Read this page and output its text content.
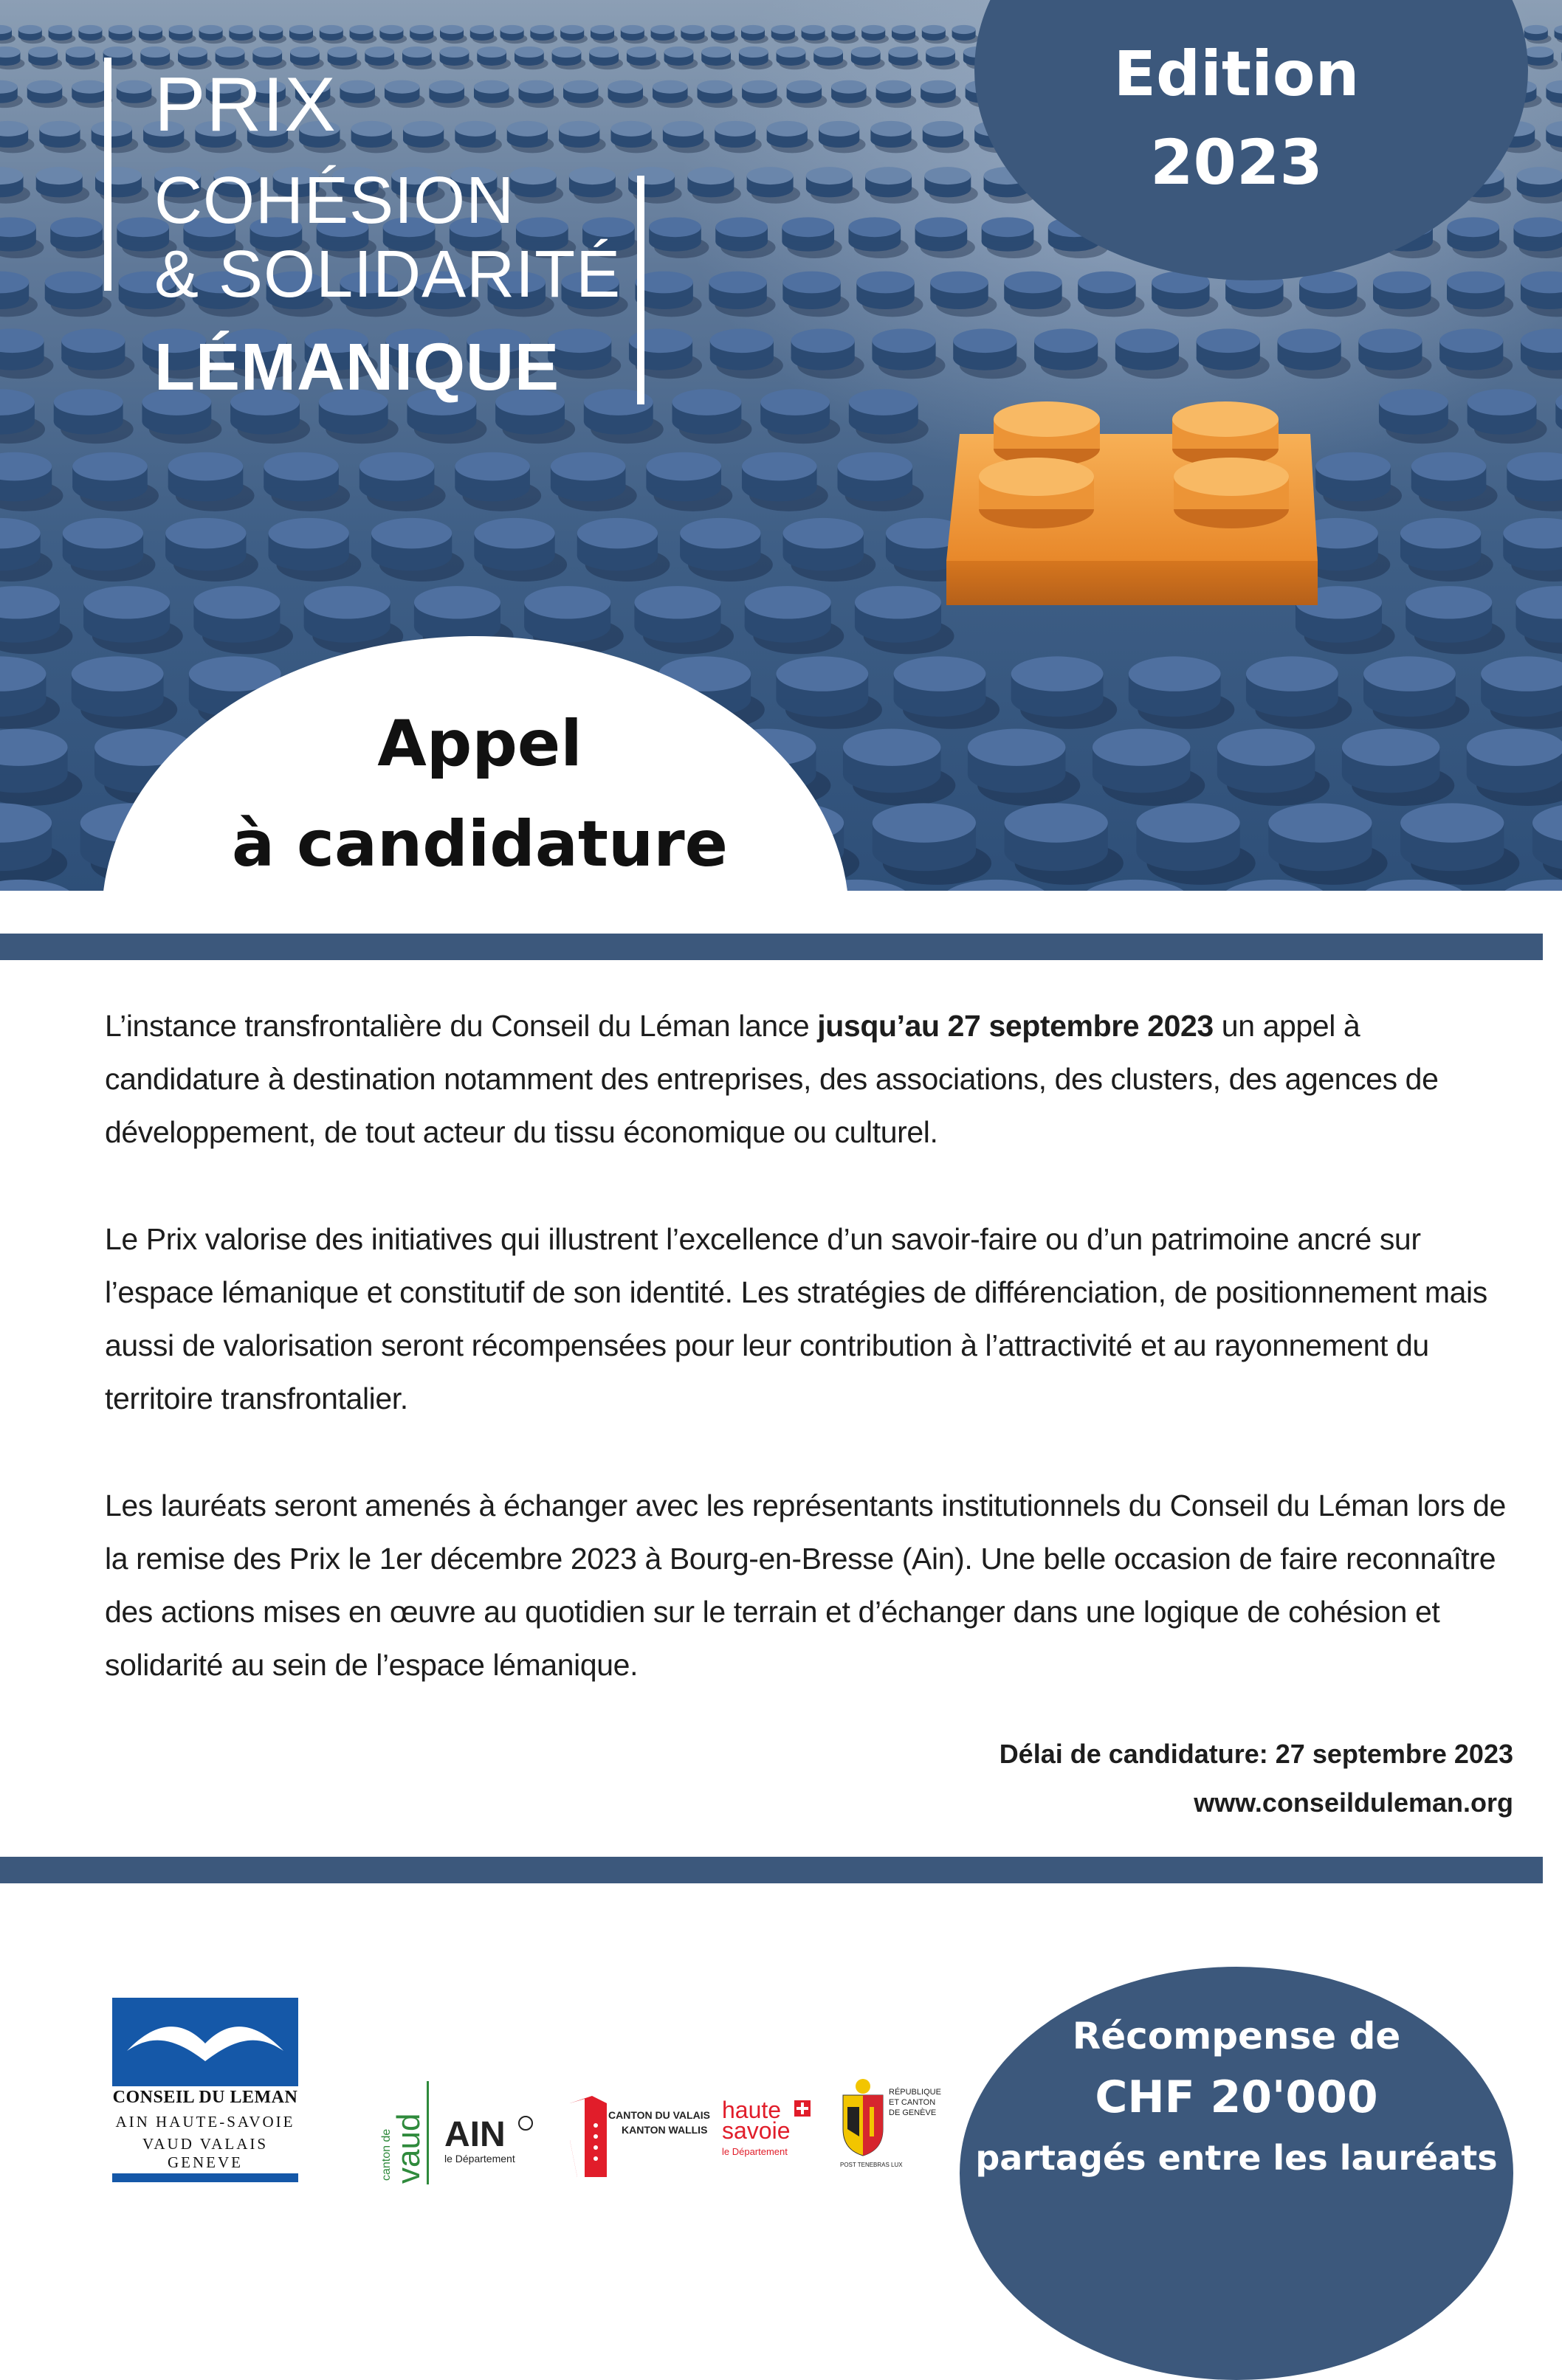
PRIX
COHÉSION
& SOLIDARITÉ
LÉMANIQUE
Edition
2023
Appel
à candidature
L’instance transfrontalière du Conseil du Léman lance jusqu’au 27 septembre 2023 un appel à candidature à destination notamment des entreprises, des associations, des clusters, des agences de développement, de tout acteur du tissu économique ou culturel.
Le Prix valorise des initiatives qui illustrent l’excellence d’un savoir-faire ou d’un patrimoine ancré sur l’espace lémanique et constitutif de son identité. Les stratégies de différenciation, de positionnement mais aussi de valorisation seront récompensées pour leur contribution à l’attractivité et au rayonnement du territoire transfrontalier.
Les lauréats seront amenés à échanger avec les représentants institutionnels du Conseil du Léman lors de la remise des Prix le 1er décembre 2023 à Bourg-en-Bresse (Ain). Une belle occasion de faire reconnaître des actions mises en œuvre au quotidien sur le terrain et d’échanger dans une logique de cohésion et solidarité au sein de l’espace lémanique.
Délai de candidature: 27 septembre 2023
www.conseilduleman.org
CONSEIL DU LEMAN
AIN HAUTE-SAVOIE
VAUD VALAIS GENEVE	canton de
vaud AIN
le Département
CANTON DU VALAIS
KANTON WALLIS
haute
savoie
le Département
RÉPUBLIQUE
ET CANTON
DE GENÈVE
POST TENEBRAS LUX
Récompense de
CHF 20'000
partagés entre les lauréats
